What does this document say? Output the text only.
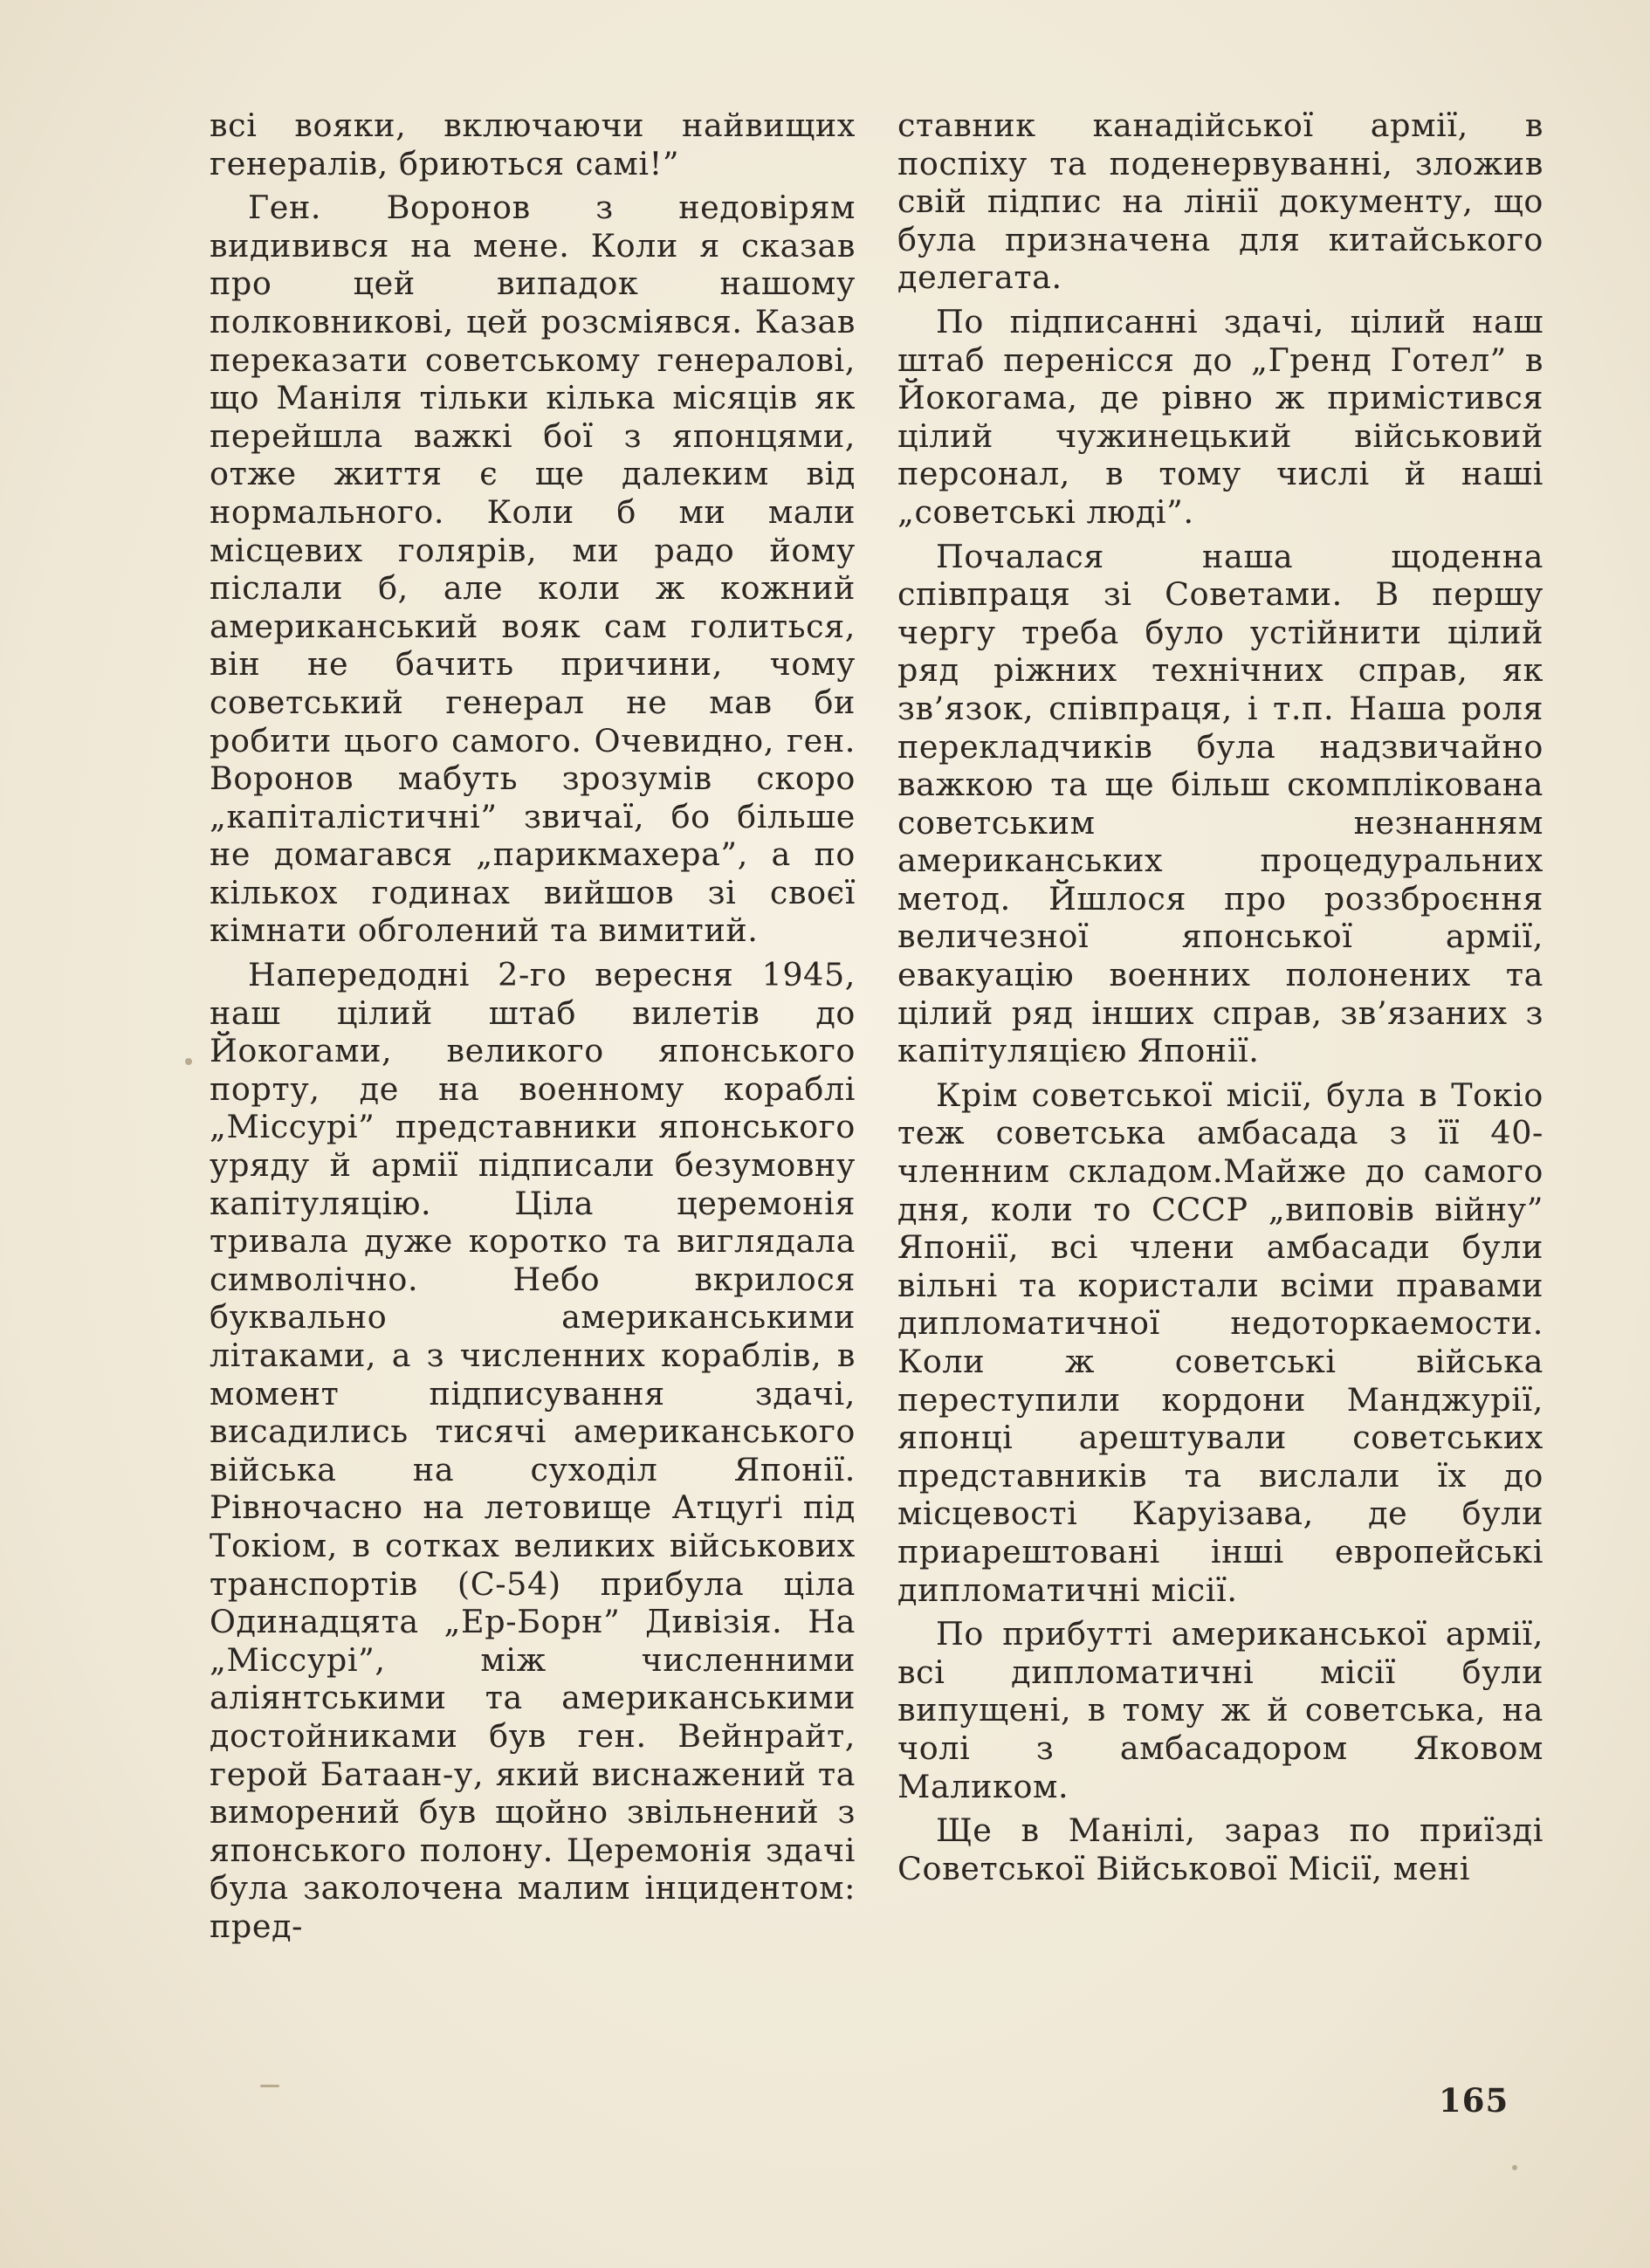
всі вояки, включаючи найвищих генералів, бриються самі!”

Ген. Воронов з недовірям видивився на мене. Коли я сказав про цей випадок нашому полковникові, цей розсміявся. Казав переказати советському генералові, що Маніля тільки кілька місяців як перейшла важкі бої з японцями, отже життя є ще далеким від нормального. Коли б ми мали місцевих голярів, ми радо йому післали б, але коли ж кожний американський вояк сам голиться, він не бачить причини, чому советський генерал не мав би робити цього самого. Очевидно, ген. Воронов мабуть зрозумів скоро „капіталістичні” звичаї, бо більше не домагався „парикмахера”, а по кількох годинах вийшов зі своєї кімнати обголений та вимитий.

Напередодні 2-го вересня 1945, наш цілий штаб вилетів до Йокогами, великого японського порту, де на военному кораблі „Міссурі” представники японського уряду й армії підписали безумовну капітуляцію. Ціла церемонія тривала дуже коротко та виглядала символічно. Небо вкрилося буквально американськими літаками, а з численних кораблів, в момент підписування здачі, висадились тисячі американського війська на суходіл Японії. Рівночасно на летовище Атцуґі під Токіом, в сотках великих військових транспортів (С-54) прибула ціла Одинадцята „Ер-Борн” Дивізія. На „Міссурі”, між численними аліянтськими та американськими достойниками був ген. Вейнрайт, герой Батаан-у, який виснажений та виморений був щойно звільнений з японського полону. Церемонія здачі була заколочена малим інцидентом: пред-

ставник канадійської армії, в поспіху та поденервуванні, зложив свій підпис на лінії документу, що була призначена для китайського делегата.

По підписанні здачі, цілий наш штаб перенісся до „Гренд Готел” в Йокогама, де рівно ж примістився цілий чужинецький військовий персонал, в тому числі й наші „советські люді”.

Почалася наша щоденна співпраця зі Советами. В першу чергу треба було устійнити цілий ряд ріжних технічних справ, як зв’язок, співпраця, і т.п. Наша роля перекладчиків була надзвичайно важкою та ще більш скомплікована советським незнанням американських процедуральних метод. Йшлося про роззброєння величезної японської армії, евакуацію военних полонених та цілий ряд інших справ, зв’язаних з капітуляцією Японії.

Крім советської місії, була в Токіо теж советська амбасада з її 40-членним складом.Майже до самого дня, коли то СССР „виповів війну” Японії, всі члени амбасади були вільні та користали всіми правами дипломатичної недоторкаемости. Коли ж советські війська переступили кордони Манджурії, японці арештували советських представників та вислали їх до місцевості Каруізава, де були приарештовані інші европейські дипломатичні місії.

По прибутті американської армії, всі дипломатичні місії були випущені, в тому ж й советська, на чолі з амбасадором Яковом Маликом.

Ще в Манілі, зараз по приїзді Советської Військової Місії, мені

165
